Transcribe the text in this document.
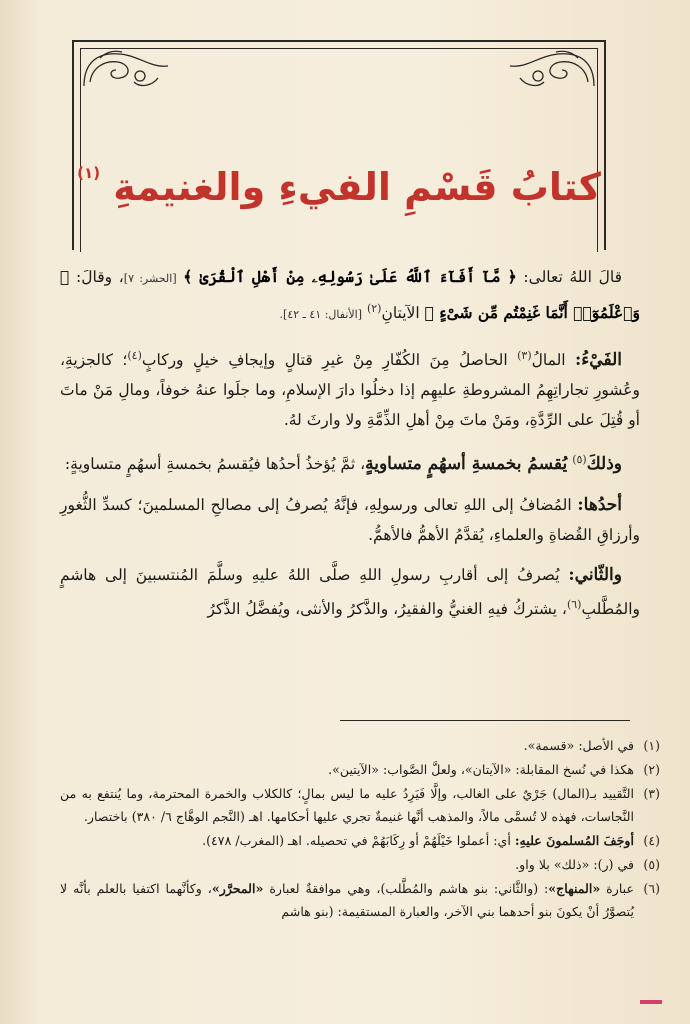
كتابُ قَسْمِ الفيءِ والغنيمةِ $^{(١)}$

قالَ اللهُ تعالى: ﴿ مَّآ أَفَآءَ ٱللَّهُ عَلَىٰ رَسُولِهِۦ مِنْ أَهْلِ ٱلْقُرَىٰ ﴾ [الحشر: ٧]، وقالَ: ﴿ وَٱعْلَمُوٓا۟ أَنَّمَا غَنِمْتُم مِّن شَىْءٍ ﴾ الآيتانِ$^{(٢)}$ [الأنفال: ٤١ ـ ٤٢].

الفَيْءُ: المالُ$^{(٣)}$ الحاصلُ مِنَ الكُفّارِ مِنْ غيرِ قتالٍ وإيجافِ خيلٍ وركابٍ$^{(٤)}$؛ كالجزيةِ، وعُشورِ تجاراتِهِمُ المشروطةِ عليهِم إذا دخلُوا دارَ الإسلامِ، وما جلَوا عنهُ خوفاً، ومالِ مَنْ ماتَ أو قُتِلَ على الرِّدَّةِ، ومَنْ ماتَ مِنْ أهلِ الذِّمَّةِ ولا وارثَ لهُ.

وذلكَ$^{(٥)}$ يُقسمُ بخمسةِ أسهُمٍ متساويةٍ، ثمَّ يُؤخذُ أحدُها فيُقسمُ بخمسةِ أسهُمٍ متساويةٍ:

أحدُها: المُضافُ إلى اللهِ تعالى ورسولِهِ، فإنَّهُ يُصرفُ إلى مصالحِ المسلمينَ؛ كسدِّ الثُّغورِ وأرزاقِ القُضاةِ والعلماءِ، يُقدَّمُ الأهمُّ فالأهمُّ.

والثّاني: يُصرفُ إلى أقاربِ رسولِ اللهِ صلَّى اللهُ عليهِ وسلَّمَ المُنتسبينَ إلى هاشمٍ والمُطَّلبِ$^{(٦)}$، يشتركُ فيهِ الغنيُّ والفقيرُ، والذَّكرُ والأنثى، ويُفضَّلُ الذَّكرُ

(١)
في الأصل: «قسمة».
(٢)
هكذا في نُسخ المقابلة: «الآيتان»، ولعلَّ الصَّواب: «الآيتين».
(٣)
التَّقييد بـ(المال) جَرْيٌ على الغالب، وإلَّا فَيَرِدُ عليه ما ليس بمالٍ؛ كالكلاب والخمرة المحترمة، وما يُنتفع به من النَّجاسات، فهذه لا تُسمَّى مالاً، والمذهب أنَّها غنيمةٌ تجري عليها أحكامها. اهـ (النَّجم الوهَّاج ٦/ ٣٨٠) باختصار.
(٤)
أوجَفَ المُسلمونَ عليهِ: أي: أعملوا خَيْلَهُمْ أو رِكَابَهُمْ في تحصيله. اهـ (المغرب/ ٤٧٨).
(٥)
في (ر): «ذلك» بلا واو.
(٦)
عبارة «المنهاج»: (والثَّاني: بنو هاشم والمُطَّلب)، وهي موافقةٌ لعبارة «المحرَّر»، وكأنَّهما اكتفيا بالعلم بأنَّه لا يُتصوَّرُ أنْ يكونَ بنو أحدهما بني الآخر، والعبارة المستقيمة: (بنو هاشم
